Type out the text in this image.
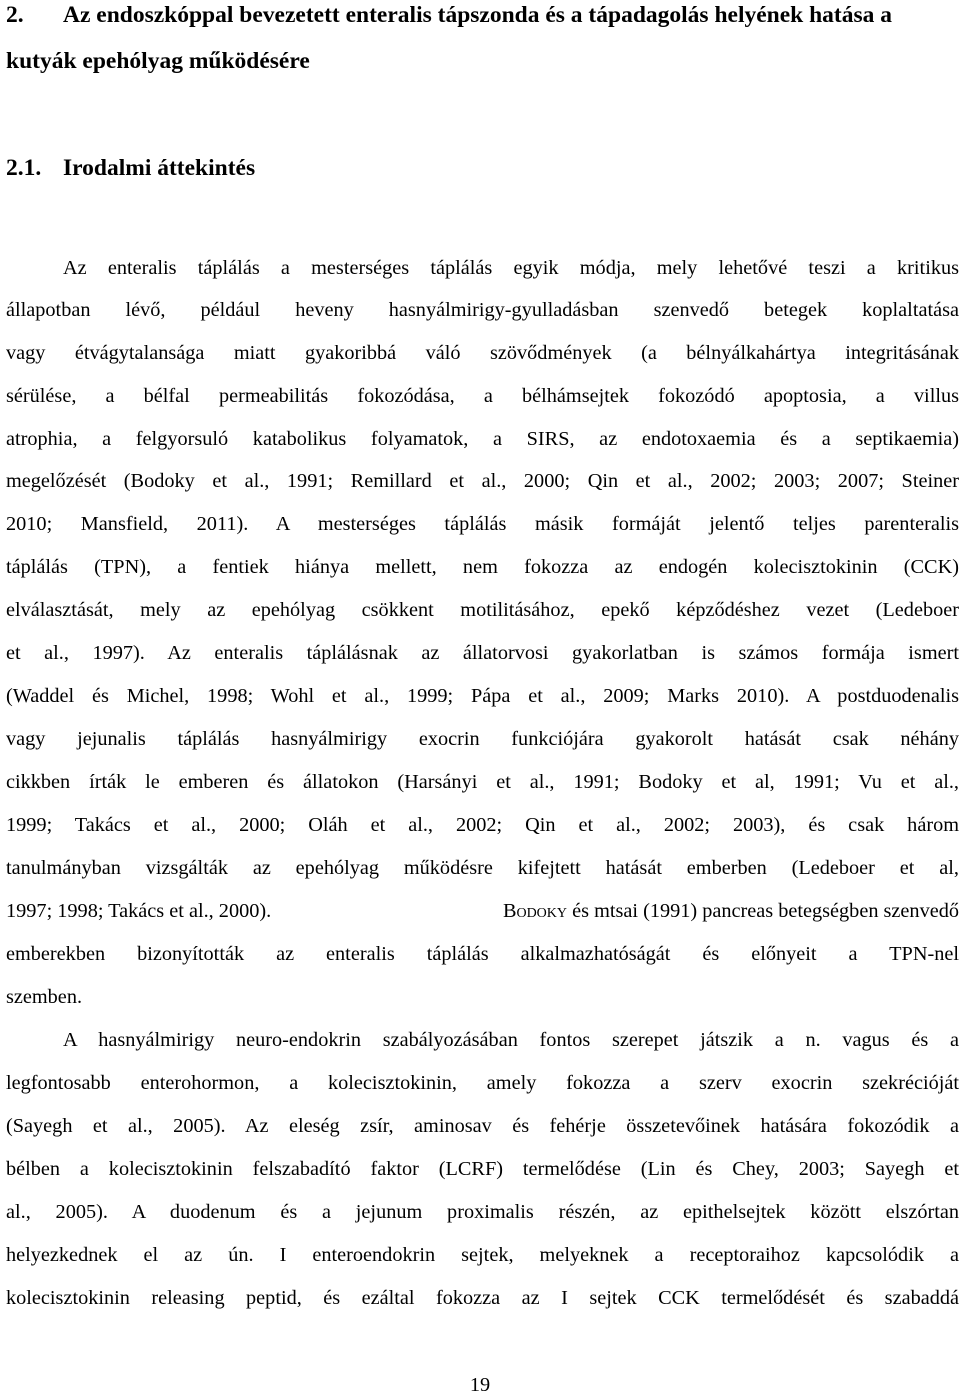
2. Az endoszkóppal bevezetett enteralis tápszonda és a tápadagolás helyének hatása a kutyák epehólyag működésére
2.1. Irodalmi áttekintés

Az enteralis táplálás a mesterséges táplálás egyik módja, mely lehetővé teszi a kritikus

állapotban lévő, például heveny hasnyálmirigy-gyulladásban szenvedő betegek koplaltatása

vagy étvágytalansága miatt gyakoribbá váló szövődmények (a bélnyálkahártya integritásának

sérülése, a bélfal permeabilitás fokozódása, a bélhámsejtek fokozódó apoptosia, a villus

atrophia, a felgyorsuló katabolikus folyamatok, a SIRS, az endotoxaemia és a septikaemia)

megelőzését (Bodoky et al., 1991; Remillard et al., 2000; Qin et al., 2002; 2003; 2007; Steiner

2010; Mansfield, 2011). A mesterséges táplálás másik formáját jelentő teljes parenteralis

táplálás (TPN), a fentiek hiánya mellett, nem fokozza az endogén kolecisztokinin (CCK)

elválasztását, mely az epehólyag csökkent motilitásához, epekő képződéshez vezet (Ledeboer

et al., 1997). Az enteralis táplálásnak az állatorvosi gyakorlatban is számos formája ismert

(Waddel és Michel, 1998; Wohl et al., 1999; Pápa et al., 2009; Marks 2010). A postduodenalis

vagy jejunalis táplálás hasnyálmirigy exocrin funkciójára gyakorolt hatását csak néhány

cikkben írták le emberen és állatokon (Harsányi et al., 1991; Bodoky et al, 1991; Vu et al.,

1999; Takács et al., 2000; Oláh et al., 2002; Qin et al., 2002; 2003), és csak három

tanulmányban vizsgálták az epehólyag működésre kifejtett hatását emberben (Ledeboer et al,

1997; 1998; Takács et al., 2000).	Bodoky és mtsai (1991) pancreas betegségben szenvedő

emberekben bizonyították az enteralis táplálás alkalmazhatóságát és előnyeit a TPN-nel

szemben.

A hasnyálmirigy neuro-endokrin szabályozásában fontos szerepet játszik a n. vagus és a

legfontosabb enterohormon, a kolecisztokinin, amely fokozza a szerv exocrin szekrécióját

(Sayegh et al., 2005). Az eleség zsír, aminosav és fehérje összetevőinek hatására fokozódik a

bélben a kolecisztokinin felszabadító faktor (LCRF) termelődése (Lin és Chey, 2003; Sayegh et

al., 2005). A duodenum és a jejunum proximalis részén, az epithelsejtek között elszórtan

helyezkednek el az ún. I enteroendokrin sejtek, melyeknek a receptoraihoz kapcsolódik a

kolecisztokinin releasing peptid, és ezáltal fokozza az I sejtek CCK termelődését és szabaddá

19
